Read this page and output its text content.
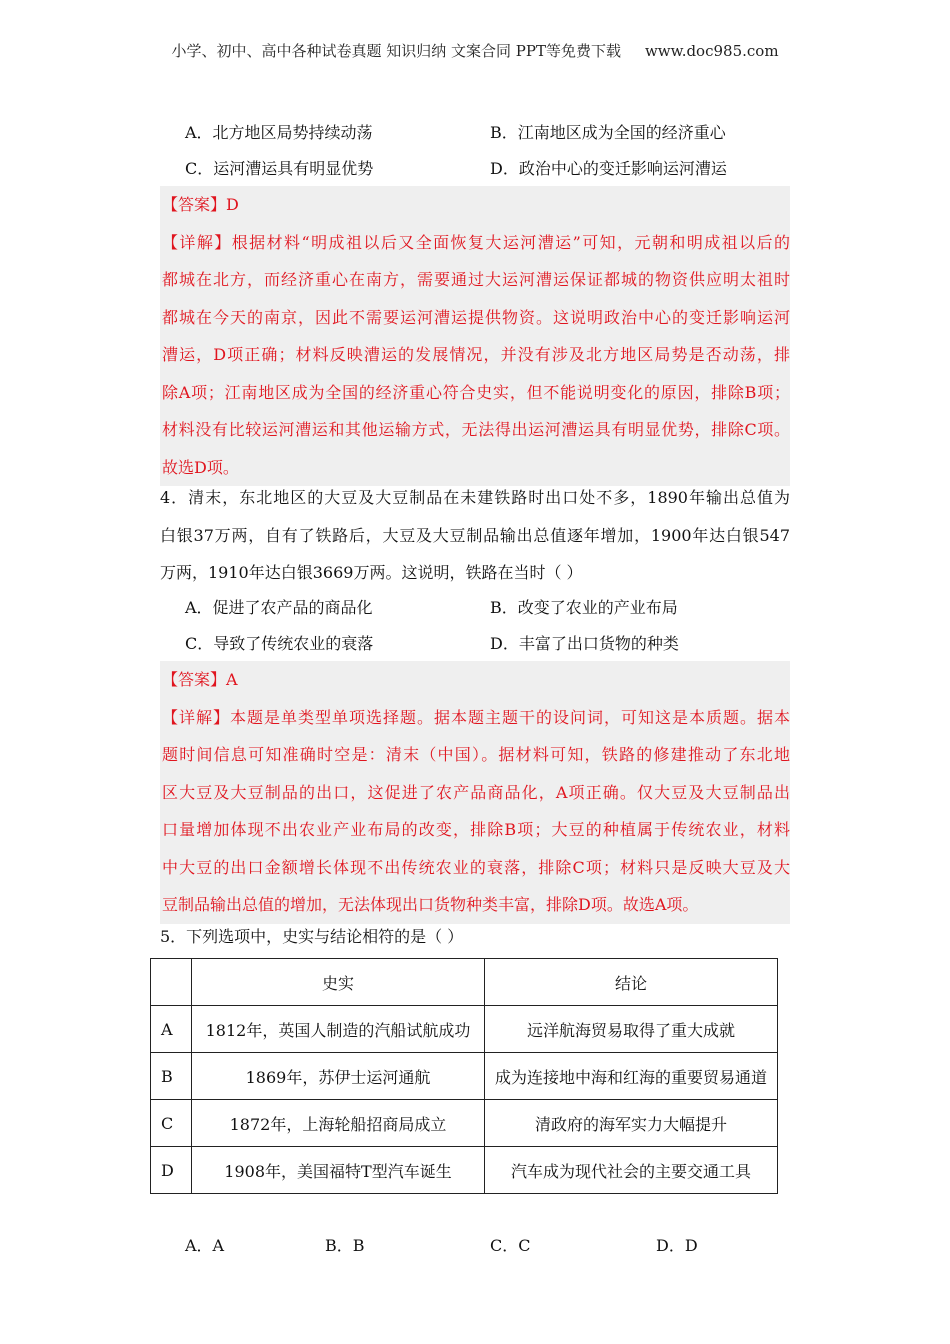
小学、初中、高中各种试卷真题 知识归纳 文案合同 PPT等免费下载 www.doc985.com
A．北方地区局势持续动荡	B．江南地区成为全国的经济重心
C．运河漕运具有明显优势	D．政治中心的变迁影响运河漕运

【答案】D

【详解】根据材料“明成祖以后又全面恢复大运河漕运”可知，元朝和明成祖以后的

都城在北方，而经济重心在南方，需要通过大运河漕运保证都城的物资供应明太祖时

都城在今天的南京，因此不需要运河漕运提供物资。这说明政治中心的变迁影响运河

漕运，D项正确；材料反映漕运的发展情况，并没有涉及北方地区局势是否动荡，排

除A项；江南地区成为全国的经济重心符合史实，但不能说明变化的原因，排除B项；

材料没有比较运河漕运和其他运输方式，无法得出运河漕运具有明显优势，排除C项。

故选D项。

4．清末，东北地区的大豆及大豆制品在未建铁路时出口处不多，1890年输出总值为

白银37万两，自有了铁路后，大豆及大豆制品输出总值逐年增加，1900年达白银547

万两，1910年达白银3669万两。这说明，铁路在当时（ ）

A．促进了农产品的商品化	B．改变了农业的产业布局
C．导致了传统农业的衰落	D．丰富了出口货物的种类

【答案】A

【详解】本题是单类型单项选择题。据本题主题干的设问词，可知这是本质题。据本

题时间信息可知准确时空是：清末（中国）。据材料可知，铁路的修建推动了东北地

区大豆及大豆制品的出口，这促进了农产品商品化，A项正确。仅大豆及大豆制品出

口量增加体现不出农业产业布局的改变，排除B项；大豆的种植属于传统农业，材料

中大豆的出口金额增长体现不出传统农业的衰落，排除C项；材料只是反映大豆及大

豆制品输出总值的增加，无法体现出口货物种类丰富，排除D项。故选A项。

5．下列选项中，史实与结论相符的是（ ）

	史实	结论
A	1812年，英国人制造的汽船试航成功	远洋航海贸易取得了重大成就
B	1869年，苏伊士运河通航	成为连接地中海和红海的重要贸易通道
C	1872年，上海轮船招商局成立	清政府的海军实力大幅提升
D	1908年，美国福特T型汽车诞生	汽车成为现代社会的主要交通工具
A．A	B．B	C．C	D．D
